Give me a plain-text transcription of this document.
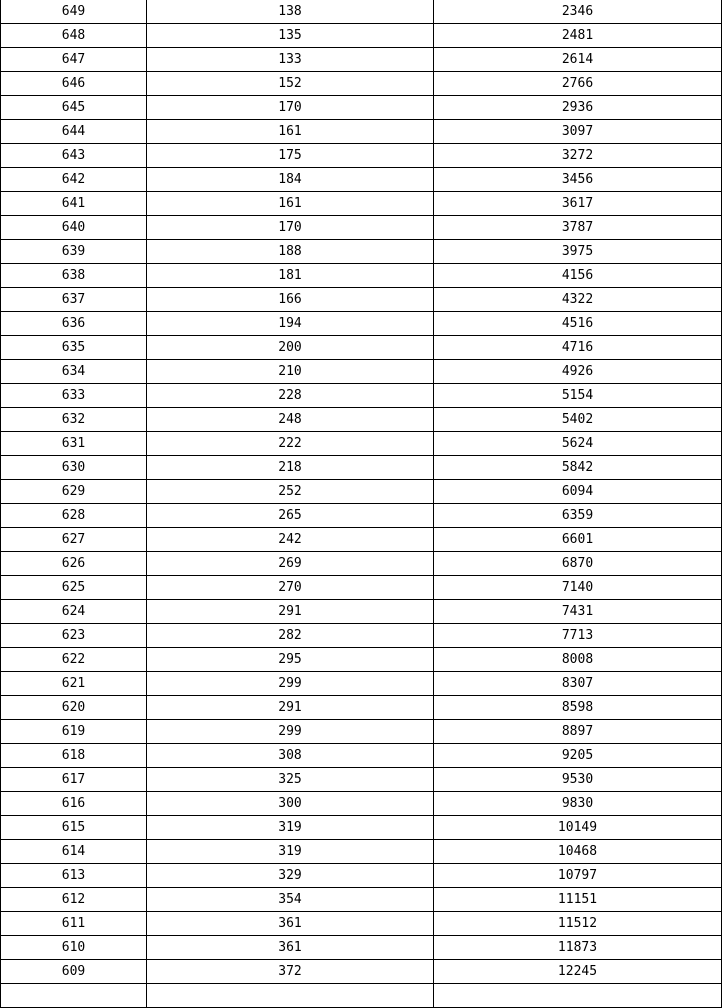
649	138	2346
648	135	2481
647	133	2614
646	152	2766
645	170	2936
644	161	3097
643	175	3272
642	184	3456
641	161	3617
640	170	3787
639	188	3975
638	181	4156
637	166	4322
636	194	4516
635	200	4716
634	210	4926
633	228	5154
632	248	5402
631	222	5624
630	218	5842
629	252	6094
628	265	6359
627	242	6601
626	269	6870
625	270	7140
624	291	7431
623	282	7713
622	295	8008
621	299	8307
620	291	8598
619	299	8897
618	308	9205
617	325	9530
616	300	9830
615	319	10149
614	319	10468
613	329	10797
612	354	11151
611	361	11512
610	361	11873
609	372	12245
